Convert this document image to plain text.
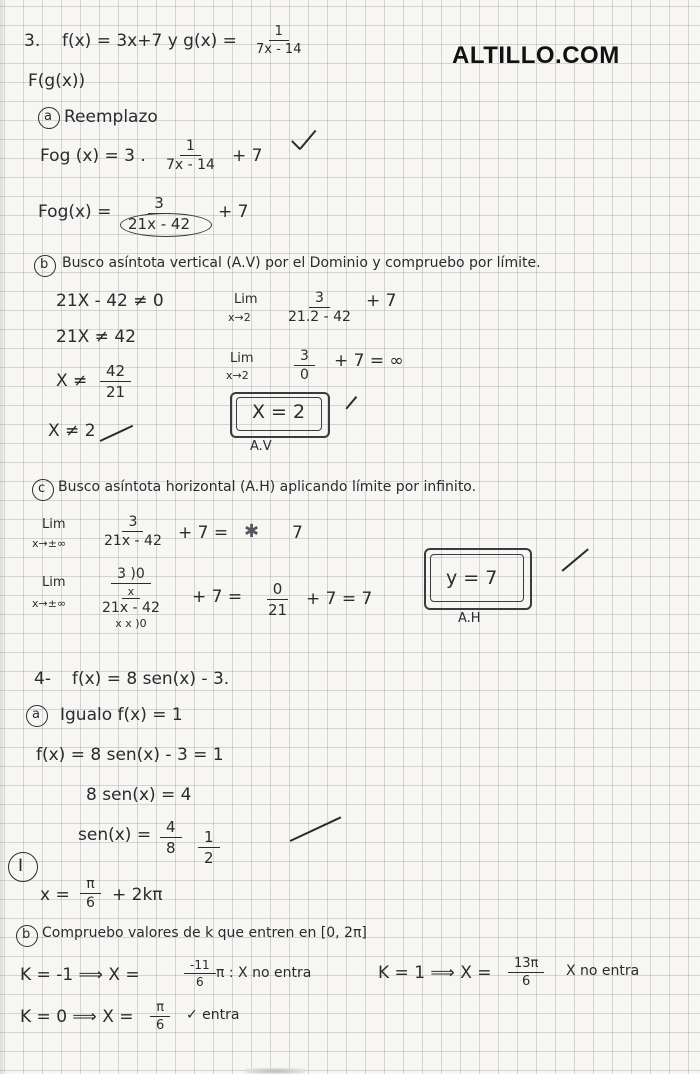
ALTILLO.COM
3. f(x) = 3x+7 y $g(x) = \frac{1}{7x - 14}$
F(g(x))
a Reemplazo
Fog (x) = 3 . $\frac{1}{7x - 14} + 7$
$Fog(x) = \frac{3}{21x - 42} + 7$
b Busco asíntota vertical (A.V) por el Dominio y compruebo por límite.
21X - 42 ≠ 0
21X ≠ 42
$X \ne \frac{42}{21}$
X ≠ 2
Lim
$x\to 2 \frac{3}{21.2 - 42} + 7$
Lim
x→2	$\frac{3}{0} + 7$ = ∞
X = 2
A.V
c Busco asíntota horizontal (A.H) aplicando límite por infinito.
Lim
$x\to\pm\infty \frac{3}{21x - 42} + 7$ = ✱ 7
Lim
x→±∞
3 )0
x
21x - 42
x x )0
+ $7 = \frac{0}{21} + 7 = 7$
y = 7
A.H
4- f(x) = 8 sen(x) - 3.
a Igualo f(x) = 1
f(x) = 8 sen(x) - 3 = 1
8 sen(x) = 4
$sen(x) = \frac{4}{8} \frac{1}{2}$
I
$x = \frac{\pi}{6} + 2k\pi$
b Compruebo valores de k que entren en [0, 2π]
K = -1 ⟹ X =	$\frac{-11}{6}$ π : X no entra	K = 1 ⟹ $X = \frac{13\pi}{6}$ X no entra
K = 0 ⟹ $X = \frac{\pi}{6}$ ✓ entra
